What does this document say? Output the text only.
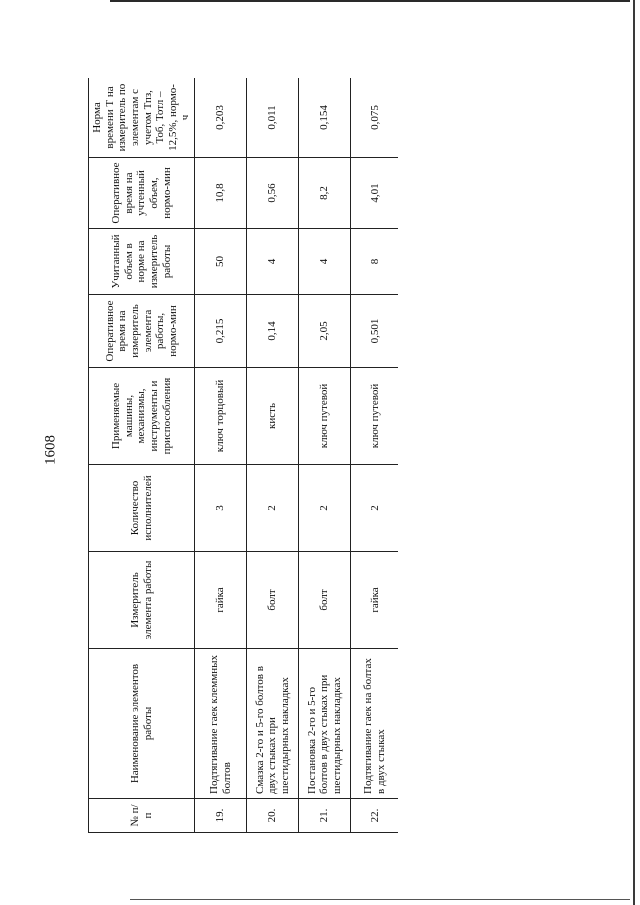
1608
№ п/п	Наименование элементов работы	Измеритель элемента работы	Количество исполнителей	Применяемые машины, механизмы, инструменты и приспособления	Оперативное время на измеритель элемента работы, нормо-мин	Учитанный объем в норме на измеритель работы	Оперативное время на учтенный объем, нормо-мин	Норма времени Т на измеритель по элементам с учетом Тпз, Тоб, Тотл – 12,5%, нормо-ч
19.	Подтягивание гаек клеммных болтов	гайка	3	ключ торцовый	0,215	50	10,8	0,203
20.	Смазка 2-го и 5-го болтов в двух стыках при шестидырных накладках	болт	2	кисть	0,14	4	0,56	0,011
21.	Постановка 2-го и 5-го болтов в двух стыках при шестидырных накладках	болт	2	ключ путевой	2,05	4	8,2	0,154
22.	Подтягивание гаек на болтах в двух стыках	гайка	2	ключ путевой	0,501	8	4,01	0,075
